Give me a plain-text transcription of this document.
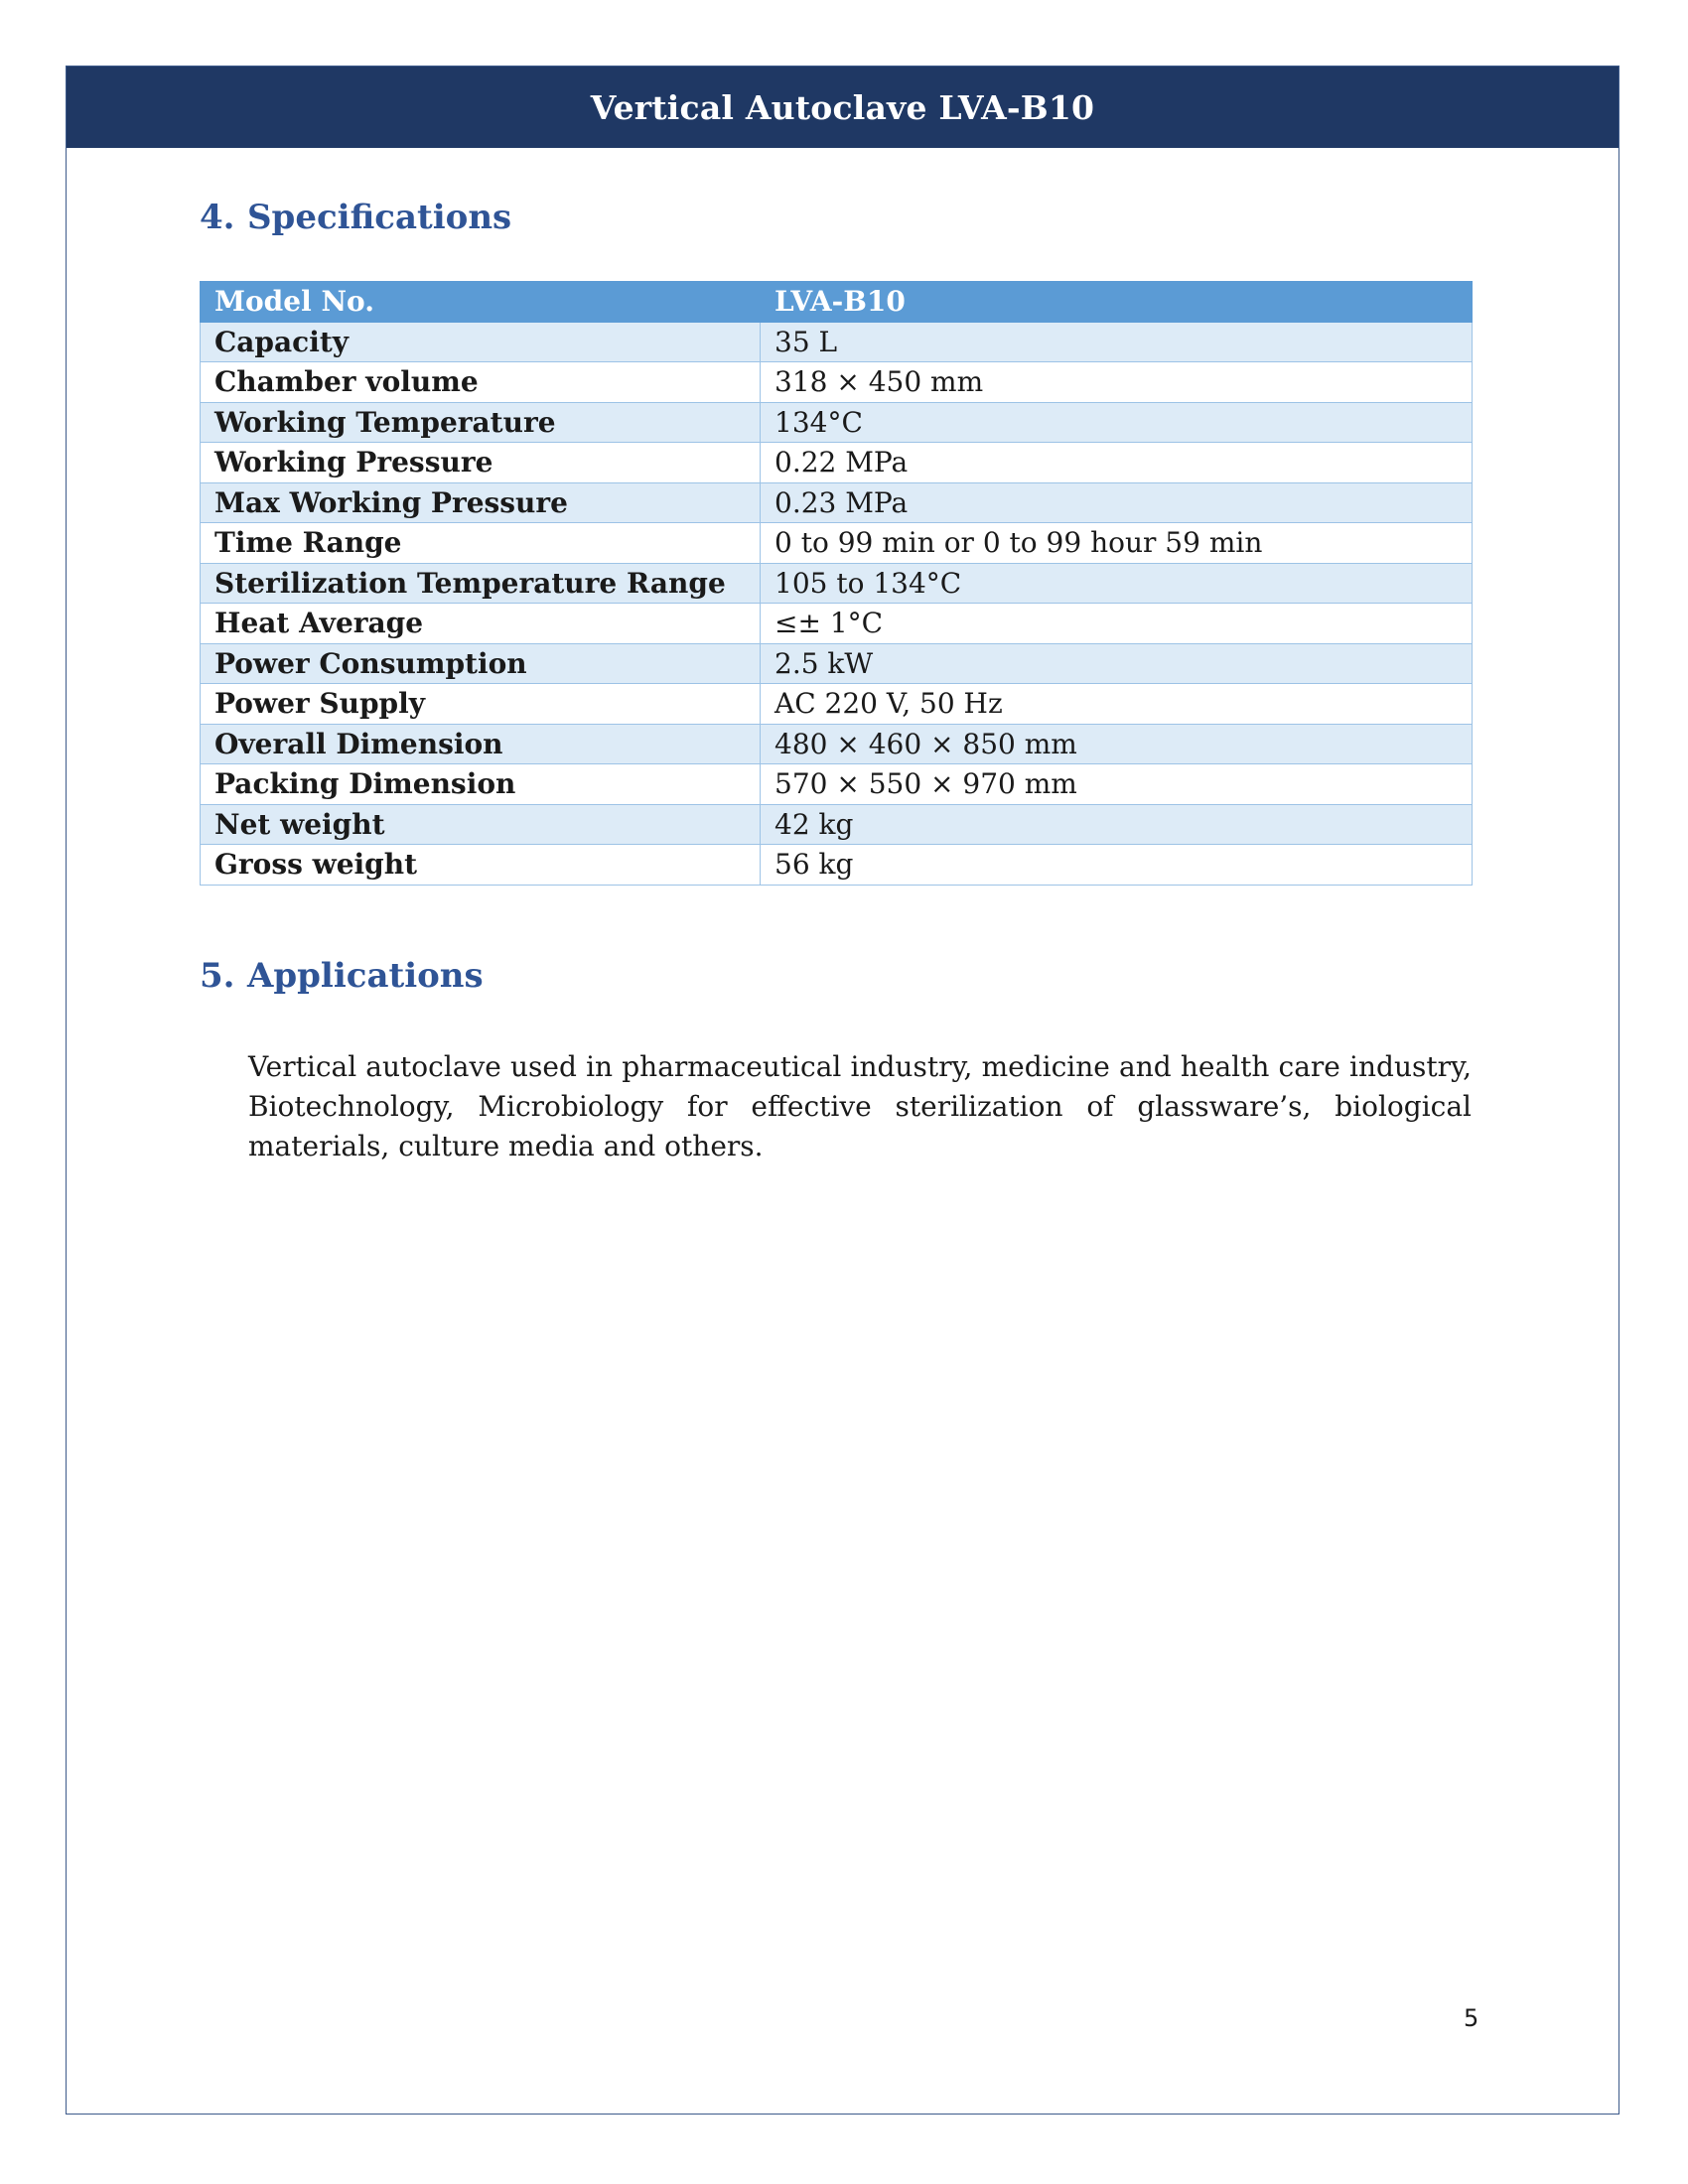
Vertical Autoclave LVA-B10
4. Specifications
Model No.	LVA-B10
Capacity	35 L
Chamber volume	318 × 450 mm
Working Temperature	134°C
Working Pressure	0.22 MPa
Max Working Pressure	0.23 MPa
Time Range	0 to 99 min or 0 to 99 hour 59 min
Sterilization Temperature Range	105 to 134°C
Heat Average	≤± 1°C
Power Consumption	2.5 kW
Power Supply	AC 220 V, 50 Hz
Overall Dimension	480 × 460 × 850 mm
Packing Dimension	570 × 550 × 970 mm
Net weight	42 kg
Gross weight	56 kg
5. Applications

Vertical autoclave used in pharmaceutical industry, medicine and health care industry, Biotechnology, Microbiology for effective sterilization of glassware’s, biological materials, culture media and others.

5
